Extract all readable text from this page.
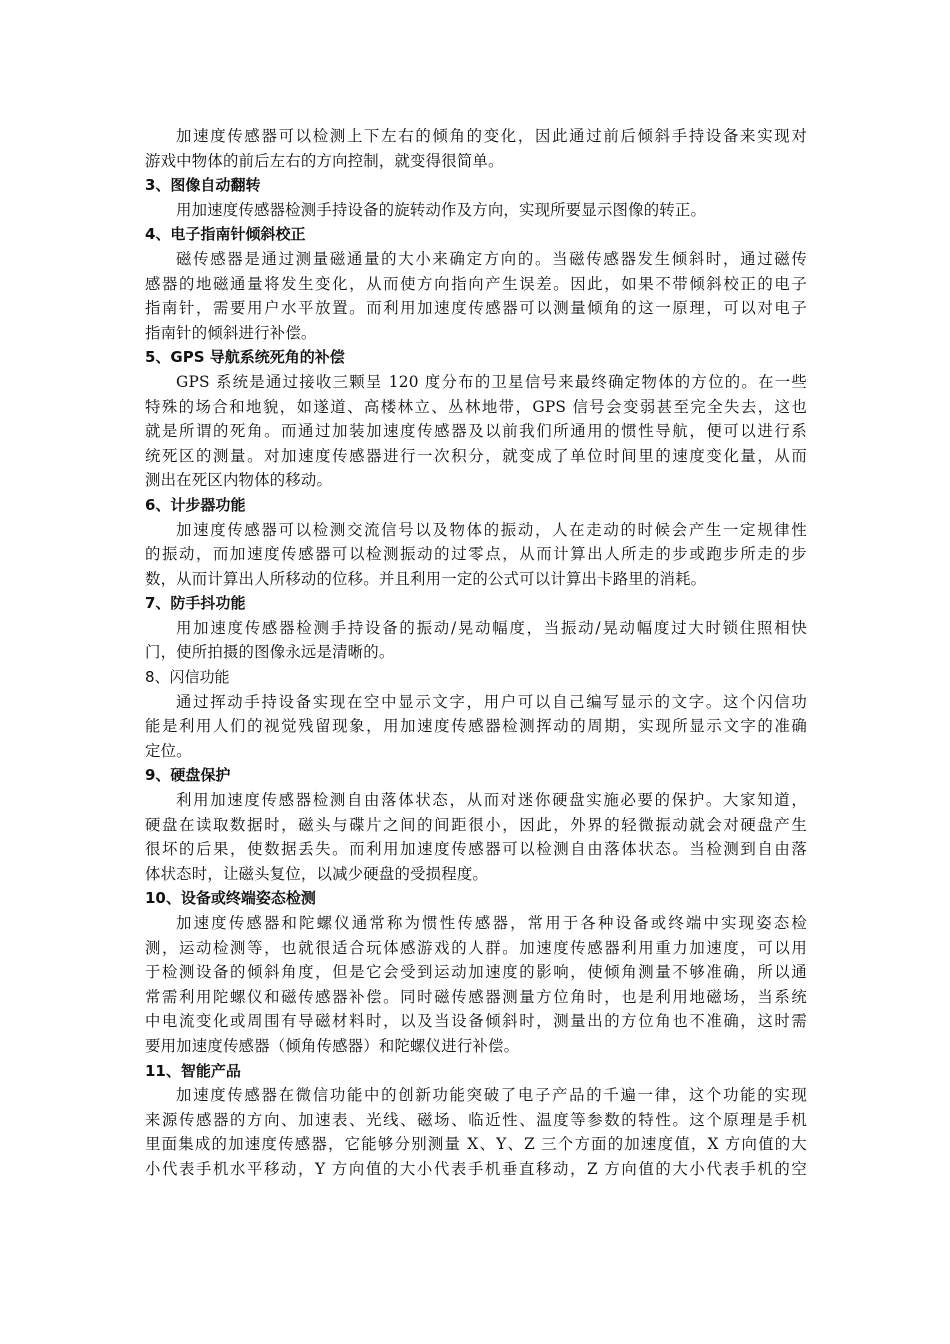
加速度传感器可以检测上下左右的倾角的变化，因此通过前后倾斜手持设备来实现对
游戏中物体的前后左右的方向控制，就变得很简单。
3、图像自动翻转
用加速度传感器检测手持设备的旋转动作及方向，实现所要显示图像的转正。
4、电子指南针倾斜校正
磁传感器是通过测量磁通量的大小来确定方向的。当磁传感器发生倾斜时，通过磁传
感器的地磁通量将发生变化，从而使方向指向产生误差。因此，如果不带倾斜校正的电子
指南针，需要用户水平放置。而利用加速度传感器可以测量倾角的这一原理，可以对电子
指南针的倾斜进行补偿。
5、GPS 导航系统死角的补偿
GPS 系统是通过接收三颗呈 120 度分布的卫星信号来最终确定物体的方位的。在一些
特殊的场合和地貌，如遂道、高楼林立、丛林地带，GPS 信号会变弱甚至完全失去，这也
就是所谓的死角。而通过加装加速度传感器及以前我们所通用的惯性导航，便可以进行系
统死区的测量。对加速度传感器进行一次积分，就变成了单位时间里的速度变化量，从而
测出在死区内物体的移动。
6、计步器功能
加速度传感器可以检测交流信号以及物体的振动，人在走动的时候会产生一定规律性
的振动，而加速度传感器可以检测振动的过零点，从而计算出人所走的步或跑步所走的步
数，从而计算出人所移动的位移。并且利用一定的公式可以计算出卡路里的消耗。
7、防手抖功能
用加速度传感器检测手持设备的振动/晃动幅度，当振动/晃动幅度过大时锁住照相快
门，使所拍摄的图像永远是清晰的。
8、闪信功能
通过挥动手持设备实现在空中显示文字，用户可以自己编写显示的文字。这个闪信功
能是利用人们的视觉残留现象，用加速度传感器检测挥动的周期，实现所显示文字的准确
定位。
9、硬盘保护
利用加速度传感器检测自由落体状态，从而对迷你硬盘实施必要的保护。大家知道，
硬盘在读取数据时，磁头与碟片之间的间距很小，因此，外界的轻微振动就会对硬盘产生
很坏的后果，使数据丢失。而利用加速度传感器可以检测自由落体状态。当检测到自由落
体状态时，让磁头复位，以减少硬盘的受损程度。
10、设备或终端姿态检测
加速度传感器和陀螺仪通常称为惯性传感器，常用于各种设备或终端中实现姿态检
测，运动检测等，也就很适合玩体感游戏的人群。加速度传感器利用重力加速度，可以用
于检测设备的倾斜角度，但是它会受到运动加速度的影响，使倾角测量不够准确，所以通
常需利用陀螺仪和磁传感器补偿。同时磁传感器测量方位角时，也是利用地磁场，当系统
中电流变化或周围有导磁材料时，以及当设备倾斜时，测量出的方位角也不准确，这时需
要用加速度传感器（倾角传感器）和陀螺仪进行补偿。
11、智能产品
加速度传感器在微信功能中的创新功能突破了电子产品的千遍一律，这个功能的实现
来源传感器的方向、加速表、光线、磁场、临近性、温度等参数的特性。这个原理是手机
里面集成的加速度传感器，它能够分别测量 X、Y、Z 三个方面的加速度值，X 方向值的大
小代表手机水平移动，Y 方向值的大小代表手机垂直移动，Z 方向值的大小代表手机的空
